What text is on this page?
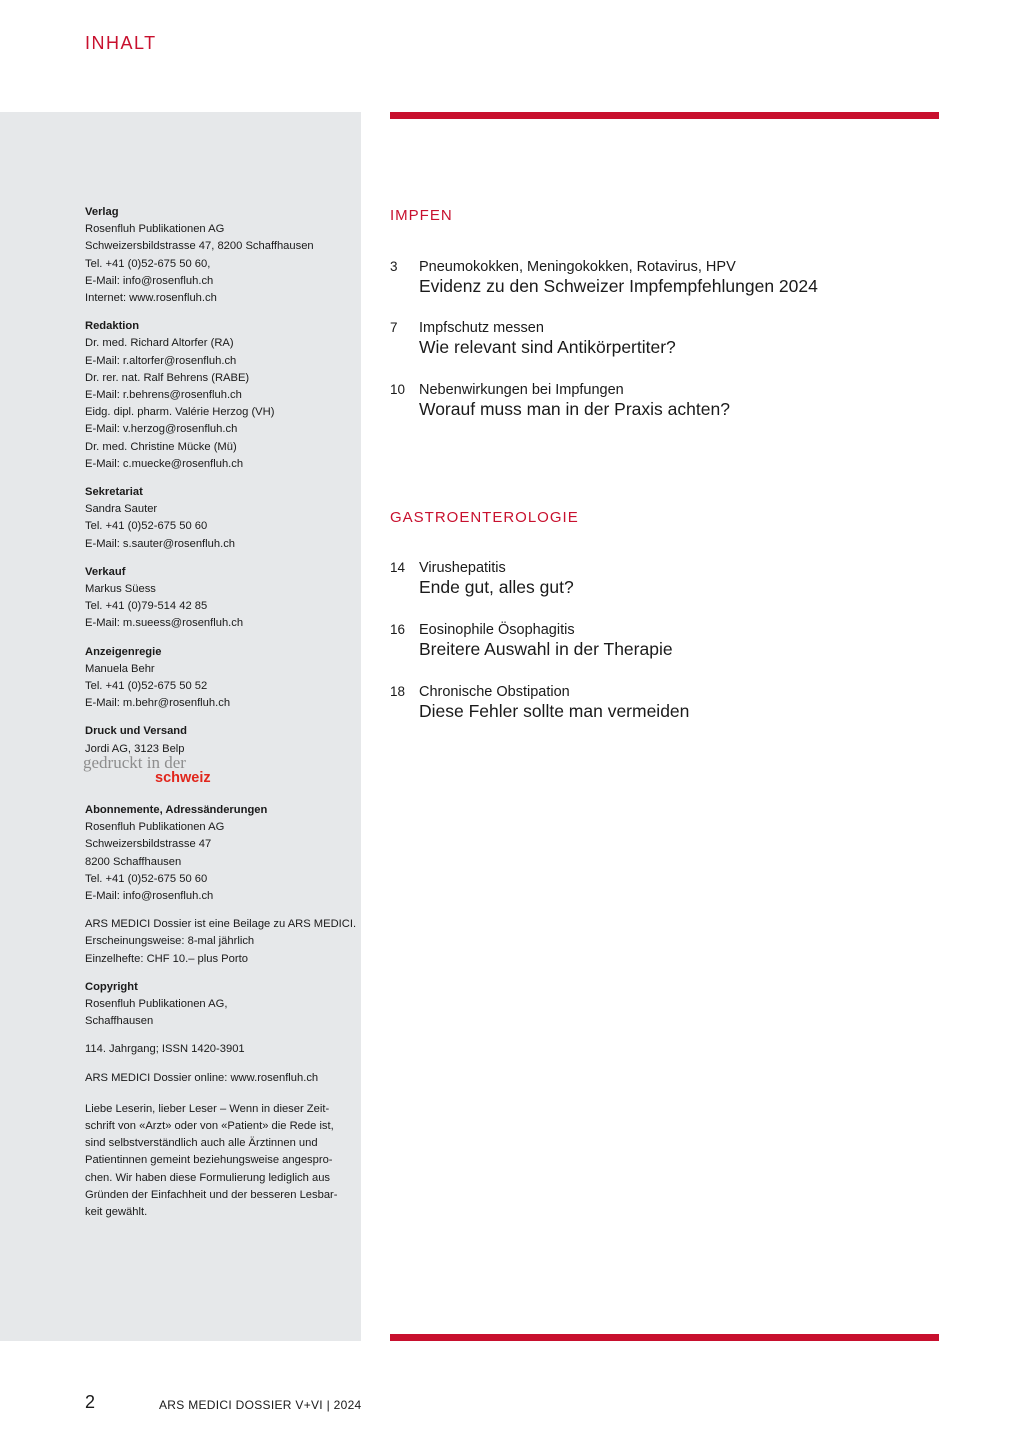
INHALT
Verlag
Rosenfluh Publikationen AG
Schweizersbildstrasse 47, 8200 Schaffhausen
Tel. +41 (0)52-675 50 60,
E-Mail: info@rosenfluh.ch
Internet: www.rosenfluh.ch
Redaktion
Dr. med. Richard Altorfer (RA)
E-Mail: r.altorfer@rosenfluh.ch
Dr. rer. nat. Ralf Behrens (RABE)
E-Mail: r.behrens@rosenfluh.ch
Eidg. dipl. pharm. Valérie Herzog (VH)
E-Mail: v.herzog@rosenfluh.ch
Dr. med. Christine Mücke (Mü)
E-Mail: c.muecke@rosenfluh.ch
Sekretariat
Sandra Sauter
Tel. +41 (0)52-675 50 60
E-Mail: s.sauter@rosenfluh.ch
Verkauf
Markus Süess
Tel. +41 (0)79-514 42 85
E-Mail: m.sueess@rosenfluh.ch
Anzeigenregie
Manuela Behr
Tel. +41 (0)52-675 50 52
E-Mail: m.behr@rosenfluh.ch
Druck und Versand
Jordi AG, 3123 Belp
gedruckt in der
schweiz
Abonnemente, Adressänderungen
Rosenfluh Publikationen AG
Schweizersbildstrasse 47
8200 Schaffhausen
Tel. +41 (0)52-675 50 60
E-Mail: info@rosenfluh.ch
ARS MEDICI Dossier ist eine Beilage zu ARS MEDICI.
Erscheinungsweise: 8-mal jährlich
Einzelhefte: CHF 10.– plus Porto
Copyright
Rosenfluh Publikationen AG,
Schaffhausen
114. Jahrgang; ISSN 1420-3901
ARS MEDICI Dossier online: www.rosenfluh.ch
Liebe Leserin, lieber Leser – Wenn in dieser Zeit-
schrift von «Arzt» oder von «Patient» die Rede ist,
sind selbstverständlich auch alle Ärztinnen und
Patientinnen gemeint beziehungsweise angespro-
chen. Wir haben diese Formulierung lediglich aus
Gründen der Einfachheit und der besseren Lesbar-
keit gewählt.
IMPFEN
3 Pneumokokken, Meningokokken, Rotavirus, HPV
Evidenz zu den Schweizer Impfempfehlungen 2024
7 Impfschutz messen
Wie relevant sind Antikörpertiter?
10 Nebenwirkungen bei Impfungen
Worauf muss man in der Praxis achten?
GASTROENTEROLOGIE
14 Virushepatitis
Ende gut, alles gut?
16 Eosinophile Ösophagitis
Breitere Auswahl in der Therapie
18 Chronische Obstipation
Diese Fehler sollte man vermeiden
2	ARS MEDICI DOSSIER V+VI | 2024
